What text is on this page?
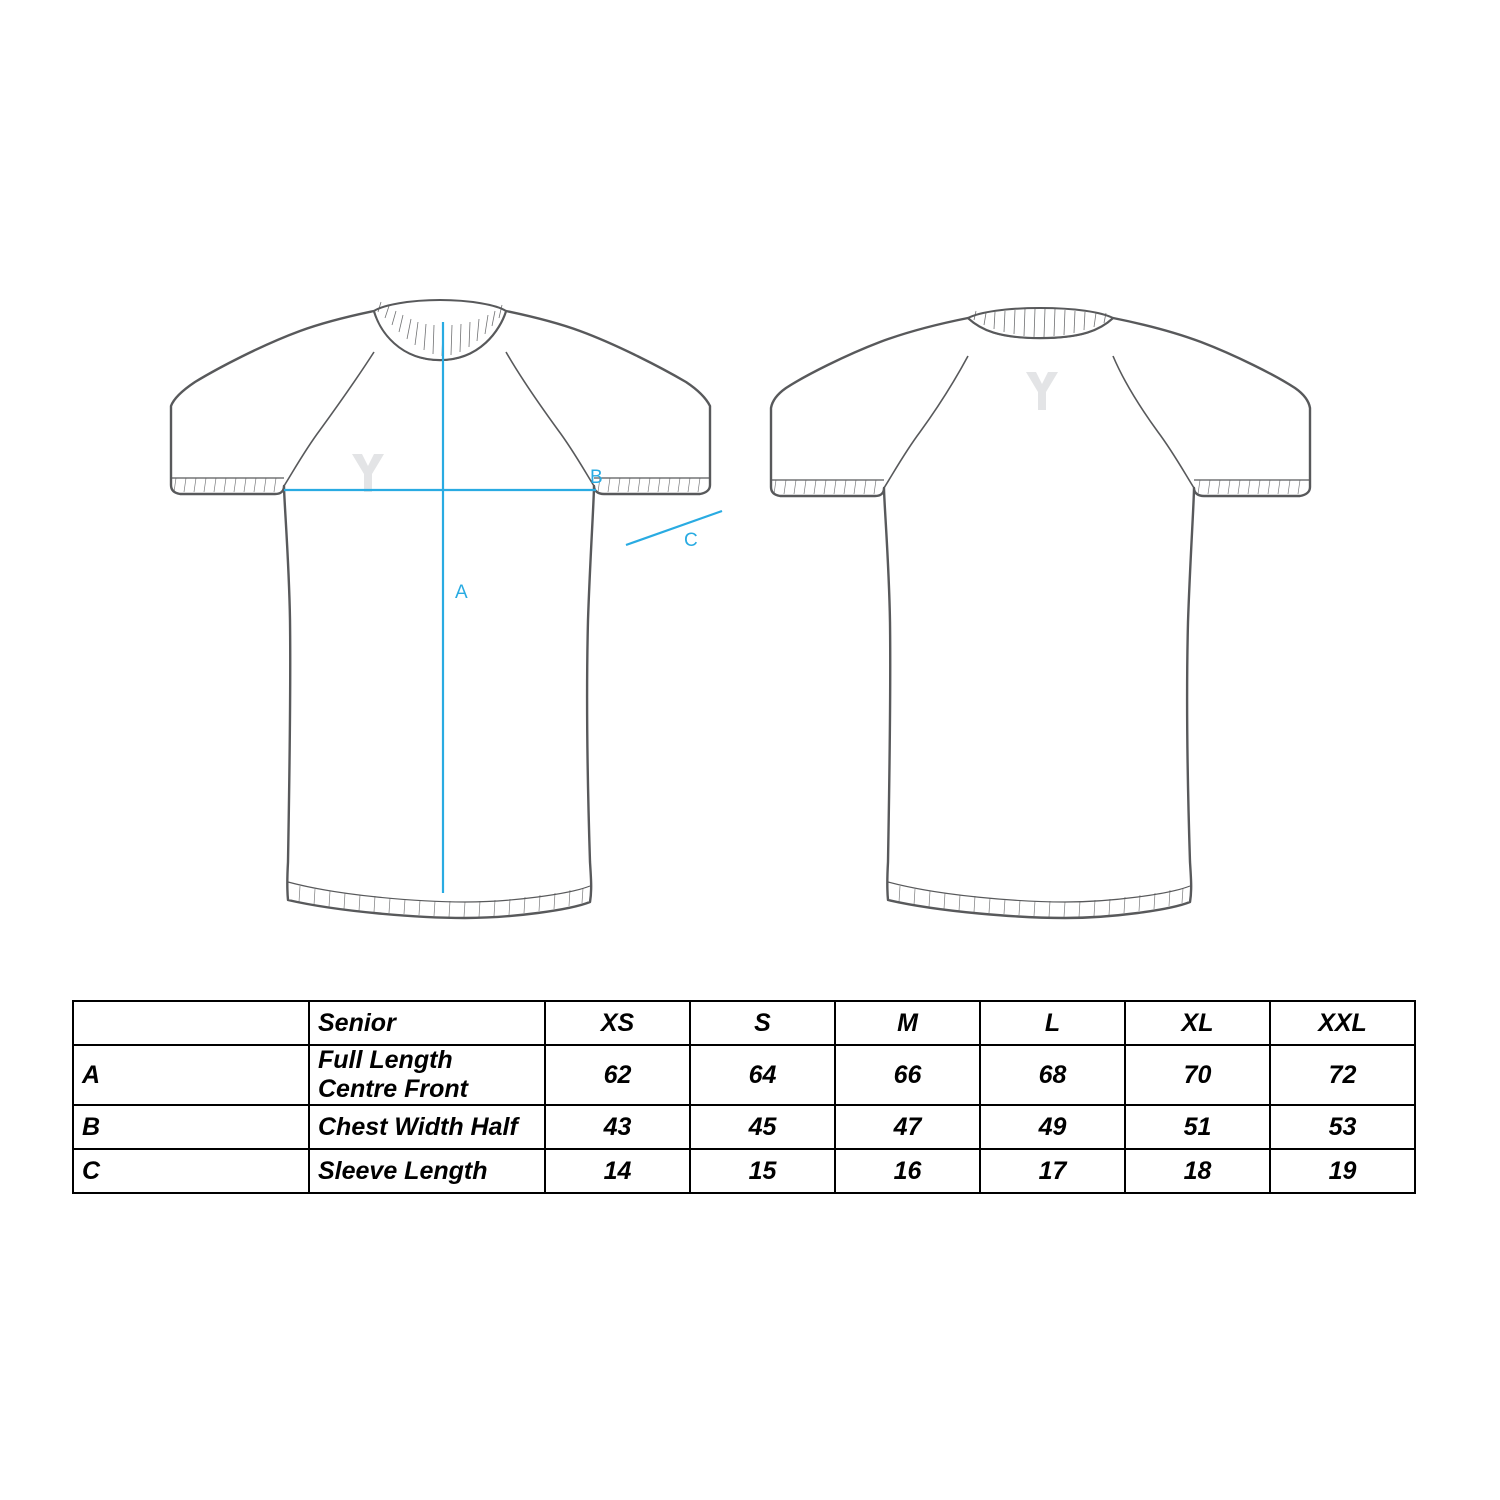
A
B
C
	Senior	XS	S	M	L	XL	XXL
A	Full Length Centre Front	62	64	66	68	70	72
B	Chest Width Half	43	45	47	49	51	53
C	Sleeve Length	14	15	16	17	18	19
